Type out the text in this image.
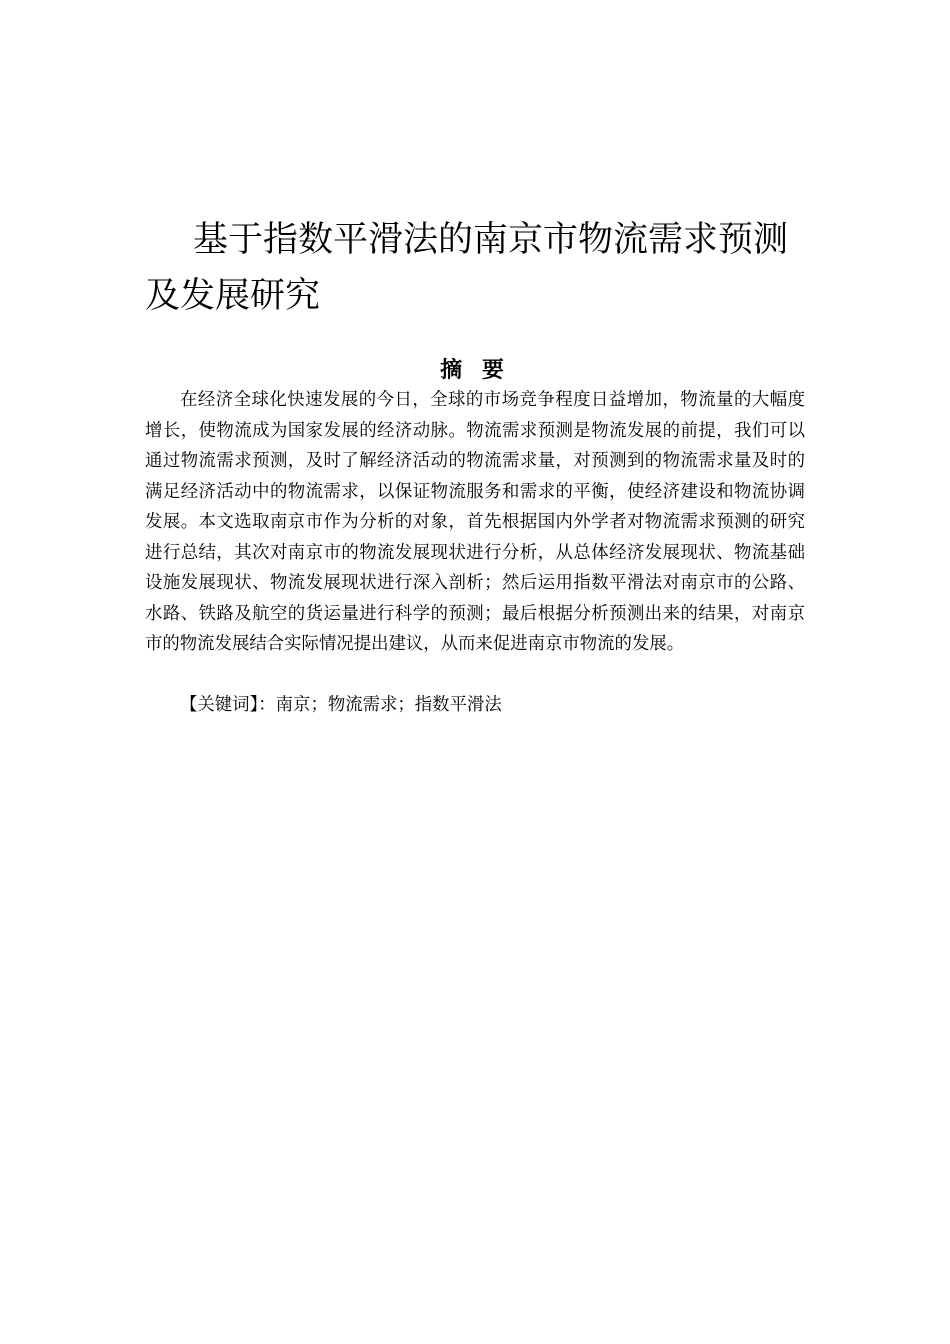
基于指数平滑法的南京市物流需求预测及发展研究
摘 要

在经济全球化快速发展的今日，全球的市场竞争程度日益增加，物流量的大幅度增长，使物流成为国家发展的经济动脉。物流需求预测是物流发展的前提，我们可以通过物流需求预测，及时了解经济活动的物流需求量，对预测到的物流需求量及时的满足经济活动中的物流需求，以保证物流服务和需求的平衡，使经济建设和物流协调发展。本文选取南京市作为分析的对象，首先根据国内外学者对物流需求预测的研究进行总结，其次对南京市的物流发展现状进行分析，从总体经济发展现状、物流基础设施发展现状、物流发展现状进行深入剖析；然后运用指数平滑法对南京市的公路、水路、铁路及航空的货运量进行科学的预测；最后根据分析预测出来的结果，对南京市的物流发展结合实际情况提出建议，从而来促进南京市物流的发展。

【关键词】：南京；物流需求；指数平滑法
